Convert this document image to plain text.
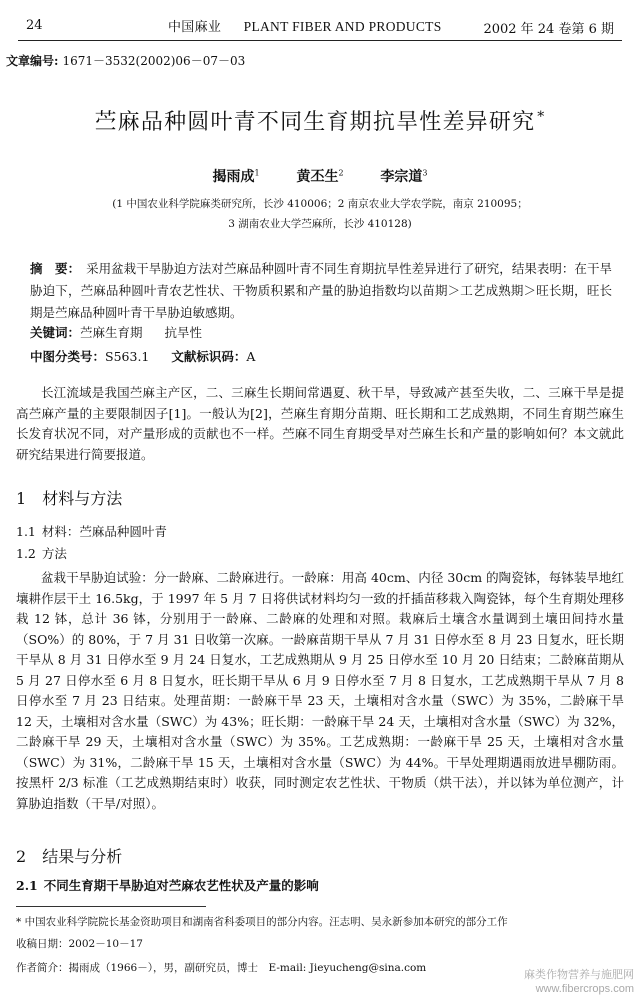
24	中国麻业 PLANT FIBER AND PRODUCTS	2002 年 24 卷第 6 期
文章编号: 1671－3532(2002)06－07－03
苎麻品种圆叶青不同生育期抗旱性差异研究 *
揭雨成$^1$	黄丕生$^2$	李宗道$^3$
(1 中国农业科学院麻类研究所，长沙 410006；2 南京农业大学农学院，南京 210095；
3 湖南农业大学苎麻所，长沙 410128)
摘　要： 采用盆栽干旱胁迫方法对苎麻品种圆叶青不同生育期抗旱性差异进行了研究，结果表明：在干旱胁迫下，苎麻品种圆叶青农艺性状、干物质积累和产量的胁迫指数均以苗期＞工艺成熟期＞旺长期，旺长期是苎麻品种圆叶青干旱胁迫敏感期。
关键词：苎麻生育期 抗旱性
中图分类号：S563.1 文献标识码：A
长江流域是我国苎麻主产区，二、三麻生长期间常遇夏、秋干旱，导致减产甚至失收，二、三麻干旱是提高苎麻产量的主要限制因子[1]。一般认为[2]，苎麻生育期分苗期、旺长期和工艺成熟期，不同生育期苎麻生长发育状况不同，对产量形成的贡献也不一样。苎麻不同生育期受旱对苎麻生长和产量的影响如何？本文就此研究结果进行简要报道。
1 材料与方法
1.1 材料：苎麻品种圆叶青
1.2 方法
盆栽干旱胁迫试验：分一龄麻、二龄麻进行。一龄麻：用高 40cm、内径 30cm 的陶瓷钵，每钵装旱地红壤耕作层干土 16.5kg，于 1997 年 5 月 7 日将供试材料均匀一致的扦插苗移栽入陶瓷钵，每个生育期处理移栽 12 钵，总计 36 钵，分别用于一龄麻、二龄麻的处理和对照。栽麻后土壤含水量调到土壤田间持水量（SO%）的 80%，于 7 月 31 日收第一次麻。一龄麻苗期干旱从 7 月 31 日停水至 8 月 23 日复水，旺长期干旱从 8 月 31 日停水至 9 月 24 日复水，工艺成熟期从 9 月 25 日停水至 10 月 20 日结束；二龄麻苗期从 5 月 27 日停水至 6 月 8 日复水，旺长期干旱从 6 月 9 日停水至 7 月 8 日复水，工艺成熟期干旱从 7 月 8 日停水至 7 月 23 日结束。处理苗期：一龄麻干旱 23 天，土壤相对含水量（SWC）为 35%，二龄麻干旱 12 天，土壤相对含水量（SWC）为 43%；旺长期：一龄麻干旱 24 天，土壤相对含水量（SWC）为 32%，二龄麻干旱 29 天，土壤相对含水量（SWC）为 35%。工艺成熟期：一龄麻干旱 25 天，土壤相对含水量（SWC）为 31%，二龄麻干旱 15 天，土壤相对含水量（SWC）为 44%。干旱处理期遇雨放进旱棚防雨。按黑杆 2/3 标准（工艺成熟期结束时）收获，同时测定农艺性状、干物质（烘干法），并以钵为单位测产，计算胁迫指数（干旱/对照）。
2 结果与分析
2.1 不同生育期干旱胁迫对苎麻农艺性状及产量的影响
* 中国农业科学院院长基金资助项目和湖南省科委项目的部分内容。汪志明、吴永新参加本研究的部分工作
收稿日期：2002－10－17
作者简介：揭雨成（1966－），男，副研究员，博士　E-mail: Jieyucheng@sina.com
麻类作物营养与施肥网
www.fibercrops.com
